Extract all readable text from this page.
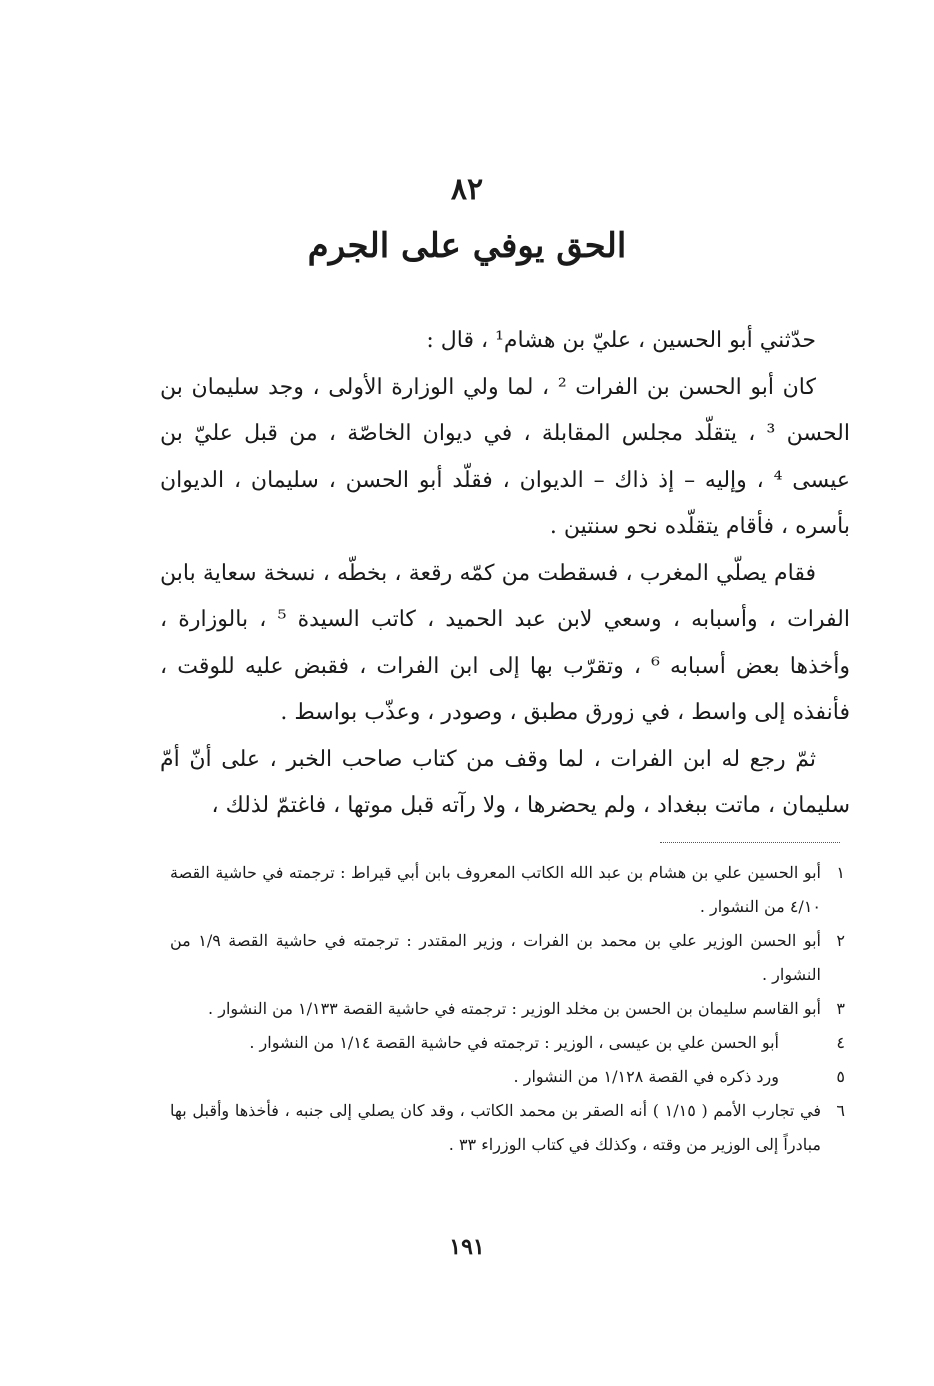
٨٢
الحق يوفي على الجرم

حدّثني أبو الحسين ، عليّ بن هشام¹ ، قال :

كان أبو الحسن بن الفرات ² ، لما ولي الوزارة الأولى ، وجد سليمان بن الحسن ³ ، يتقلّد مجلس المقابلة ، في ديوان الخاصّة ، من قبل عليّ بن عيسى ⁴ ، وإليه – إذ ذاك – الديوان ، فقلّد أبو الحسن ، سليمان ، الديوان بأسره ، فأقام يتقلّده نحو سنتين .

فقام يصلّي المغرب ، فسقطت من كمّه رقعة ، بخطّه ، نسخة سعاية بابن الفرات ، وأسبابه ، وسعي لابن عبد الحميد ، كاتب السيدة ⁵ ، بالوزارة ، وأخذها بعض أسبابه ⁶ ، وتقرّب بها إلى ابن الفرات ، فقبض عليه للوقت ، فأنفذه إلى واسط ، في زورق مطبق ، وصودر ، وعذّب بواسط .

ثمّ رجع له ابن الفرات ، لما وقف من كتاب صاحب الخبر ، على أنّ أمّ سليمان ، ماتت ببغداد ، ولم يحضرها ، ولا رآته قبل موتها ، فاغتمّ لذلك ،

١
أبو الحسين علي بن هشام بن عبد الله الكاتب المعروف بابن أبي قيراط : ترجمته في حاشية القصة ٤/١٠ من النشوار .
٢
أبو الحسن الوزير علي بن محمد بن الفرات ، وزير المقتدر : ترجمته في حاشية القصة ١/٩ من النشوار .
٣
أبو القاسم سليمان بن الحسن بن مخلد الوزير : ترجمته في حاشية القصة ١/١٣٣ من النشوار .
٤
أبو الحسن علي بن عيسى ، الوزير : ترجمته في حاشية القصة ١/١٤ من النشوار .
٥
ورد ذكره في القصة ١/١٢٨ من النشوار .
٦
في تجارب الأمم ( ١/١٥ ) أنه الصقر بن محمد الكاتب ، وقد كان يصلي إلى جنبه ، فأخذها وأقبل بها مبادراً إلى الوزير من وقته ، وكذلك في كتاب الوزراء ٣٣ .
١٩١
